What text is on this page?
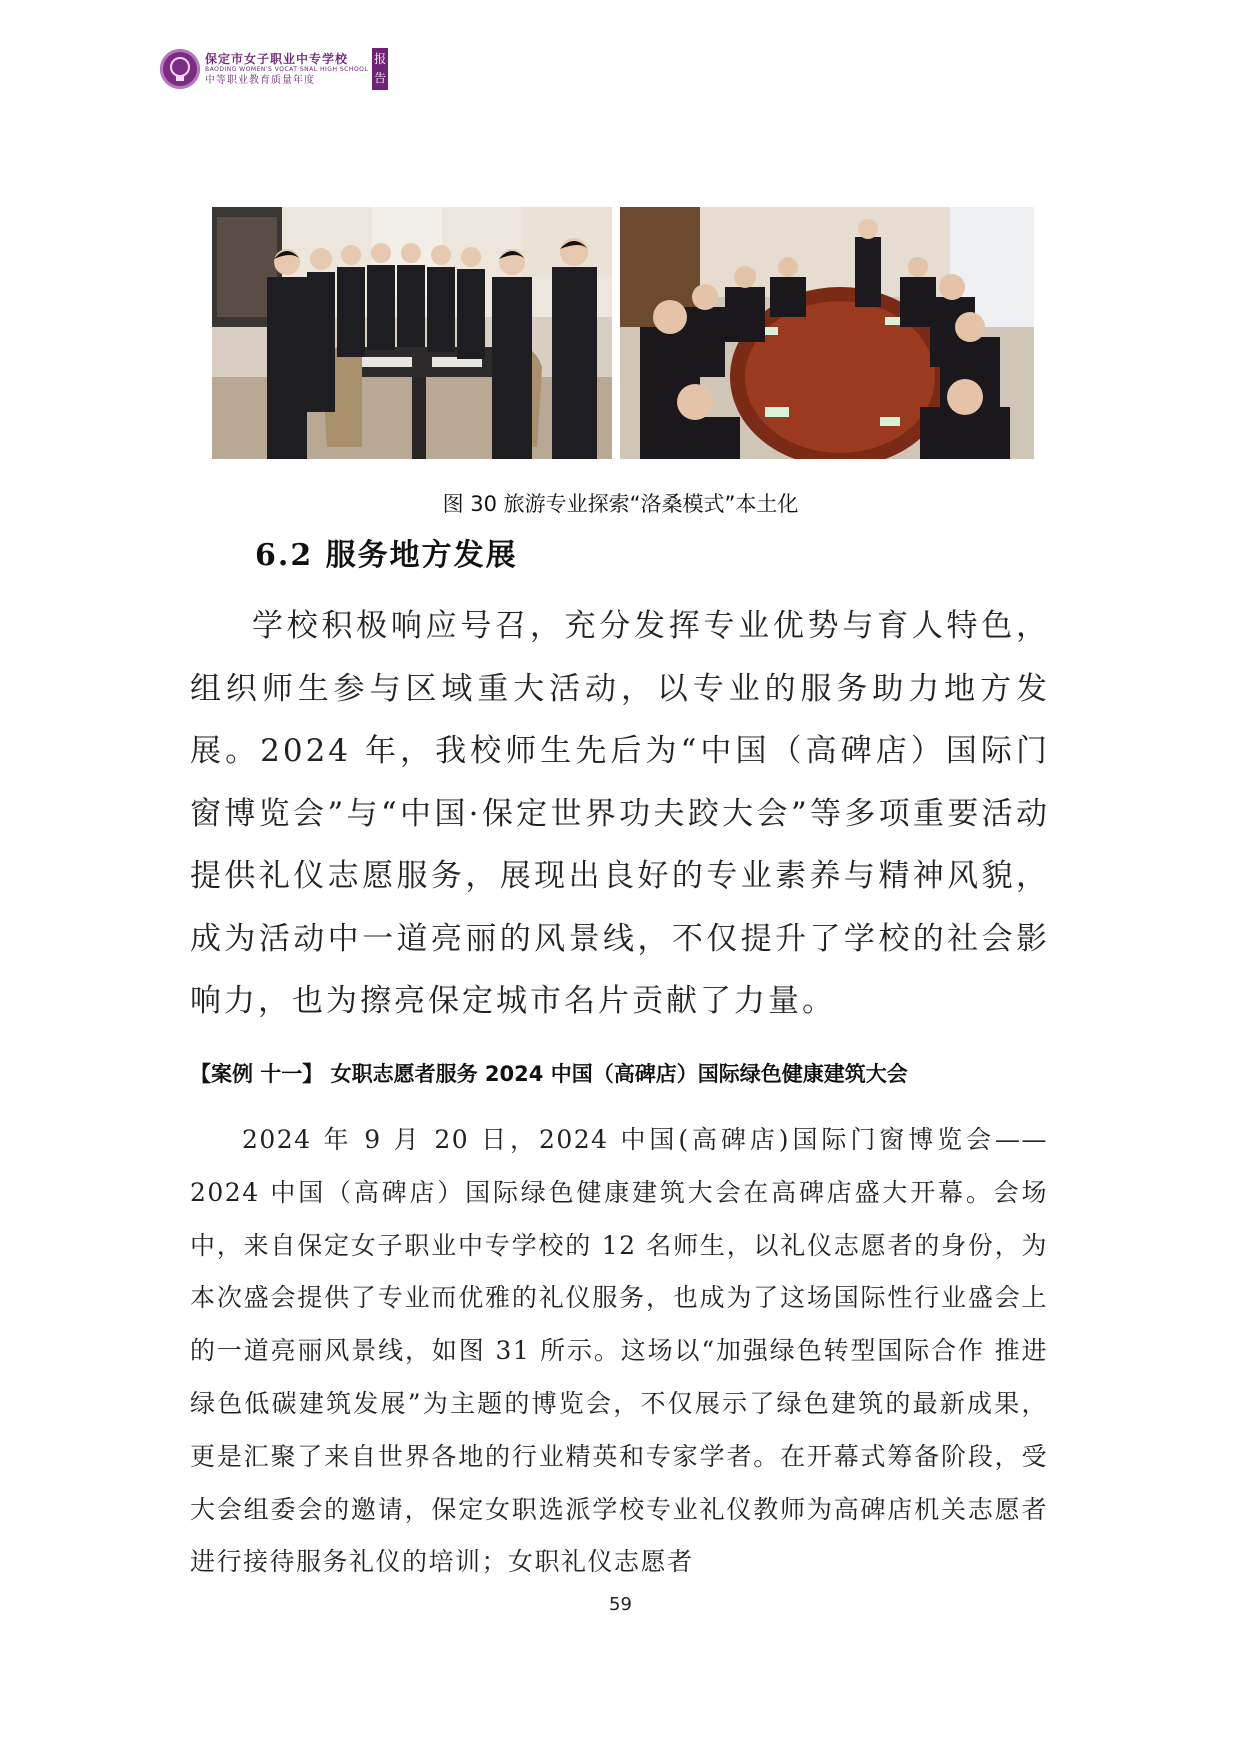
保定市女子职业中专学校
BAODING WOMEN'S VOCAT SNAL HIGH SCHOOL
中等职业教育质量年度
报告
图 30 旅游专业探索“洛桑模式”本土化
6.2 服务地方发展

学校积极响应号召，充分发挥专业优势与育人特色，组织师生参与区域重大活动，以专业的服务助力地方发展。2024 年，我校师生先后为“中国（高碑店）国际门窗博览会”与“中国·保定世界功夫跤大会”等多项重要活动提供礼仪志愿服务，展现出良好的专业素养与精神风貌，成为活动中一道亮丽的风景线，不仅提升了学校的社会影响力，也为擦亮保定城市名片贡献了力量。

【案例 十一】 女职志愿者服务 2024 中国（高碑店）国际绿色健康建筑大会

2024 年 9 月 20 日，2024 中国(高碑店)国际门窗博览会——2024 中国（高碑店）国际绿色健康建筑大会在高碑店盛大开幕。会场中，来自保定女子职业中专学校的 12 名师生，以礼仪志愿者的身份，为本次盛会提供了专业而优雅的礼仪服务，也成为了这场国际性行业盛会上的一道亮丽风景线，如图 31 所示。这场以“加强绿色转型国际合作 推进绿色低碳建筑发展”为主题的博览会，不仅展示了绿色建筑的最新成果，更是汇聚了来自世界各地的行业精英和专家学者。在开幕式筹备阶段，受大会组委会的邀请，保定女职选派学校专业礼仪教师为高碑店机关志愿者进行接待服务礼仪的培训；女职礼仪志愿者

59
